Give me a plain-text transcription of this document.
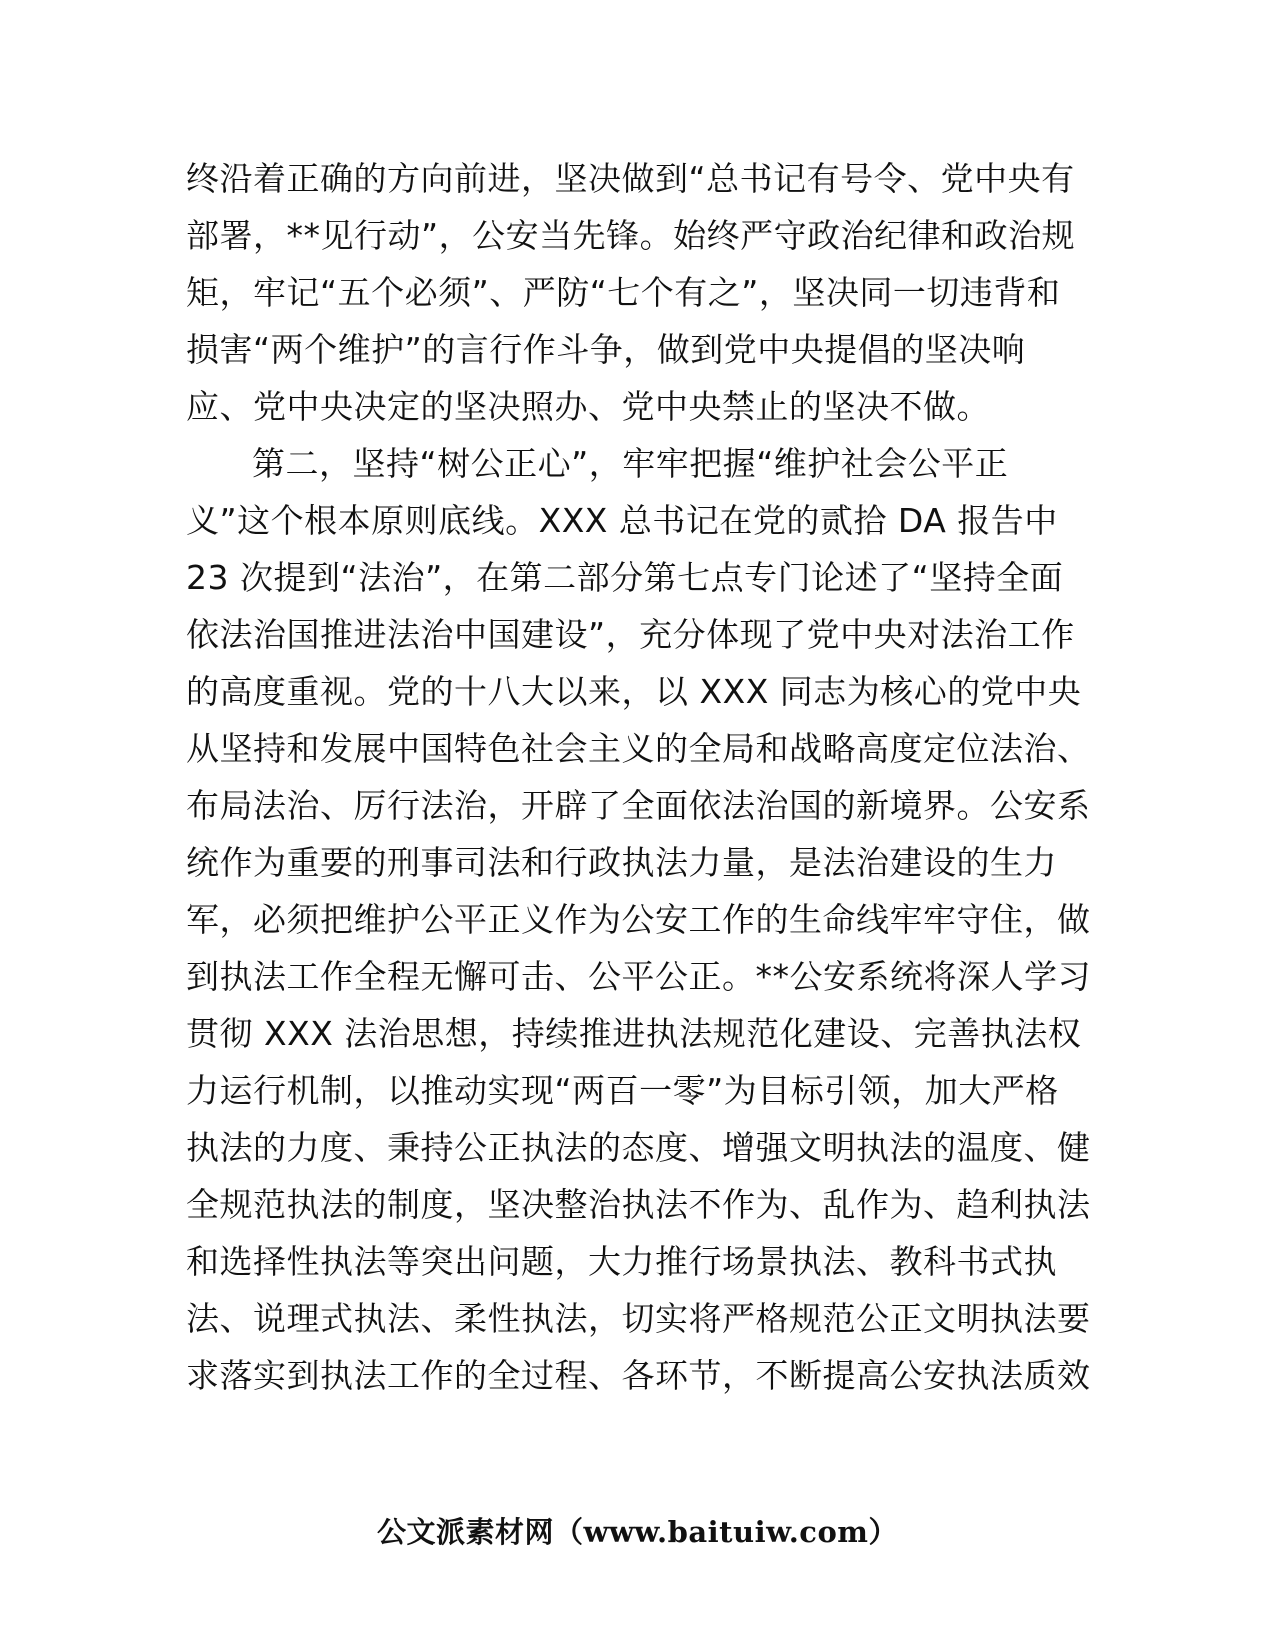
终沿着正确的方向前进，坚决做到“总书记有号令、党中央有
部署，**见行动”，公安当先锋。始终严守政治纪律和政治规
矩，牢记“五个必须”、严防“七个有之”，坚决同一切违背和
损害“两个维护”的言行作斗争，做到党中央提倡的坚决响
应、党中央决定的坚决照办、党中央禁止的坚决不做。
第二，坚持“树公正心”，牢牢把握“维护社会公平正
义”这个根本原则底线。XXX 总书记在党的贰拾 DA 报告中
23 次提到“法治”，在第二部分第七点专门论述了“坚持全面
依法治国推进法治中国建设”，充分体现了党中央对法治工作
的高度重视。党的十八大以来，以 XXX 同志为核心的党中央
从坚持和发展中国特色社会主义的全局和战略高度定位法治、
布局法治、厉行法治，开辟了全面依法治国的新境界。公安系
统作为重要的刑事司法和行政执法力量，是法治建设的生力
军，必须把维护公平正义作为公安工作的生命线牢牢守住，做
到执法工作全程无懈可击、公平公正。**公安系统将深人学习
贯彻 XXX 法治思想，持续推进执法规范化建设、完善执法权
力运行机制，以推动实现“两百一零”为目标引领，加大严格
执法的力度、秉持公正执法的态度、增强文明执法的温度、健
全规范执法的制度，坚决整治执法不作为、乱作为、趋利执法
和选择性执法等突出问题，大力推行场景执法、教科书式执
法、说理式执法、柔性执法，切实将严格规范公正文明执法要
求落实到执法工作的全过程、各环节，不断提高公安执法质效
公文派素材网（www.baituiw.com）
